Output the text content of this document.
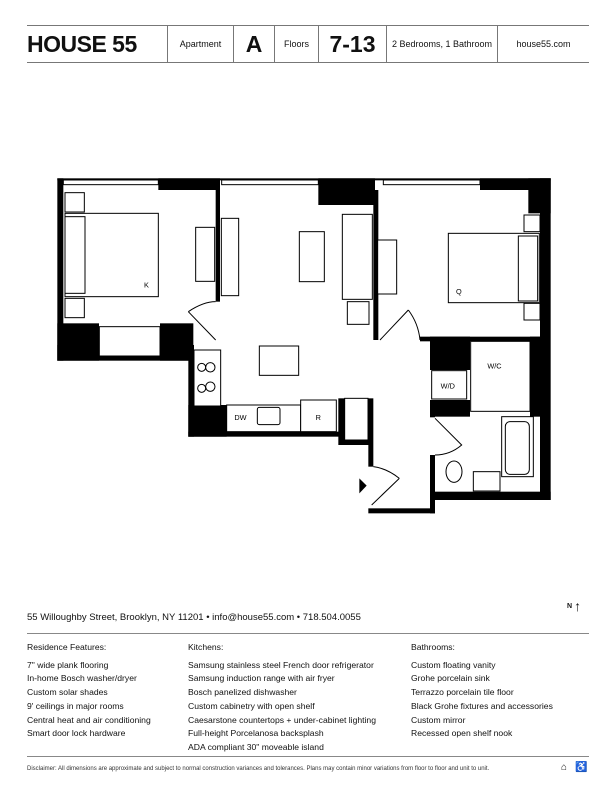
HOUSE 55	Apartment	A	Floors 7-13	2 Bedrooms, 1 Bathroom	house55.com
K
Q
W/C
W/D
DW	R
55 Willoughby Street, Brooklyn, NY 11201 • info@house55.com • 718.504.0055
N ↑
Residence Features:
7" wide plank flooring
In-home Bosch washer/dryer
Custom solar shades
9' ceilings in major rooms
Central heat and air conditioning
Smart door lock hardware
Kitchens:
Samsung stainless steel French door refrigerator
Samsung induction range with air fryer
Bosch panelized dishwasher
Custom cabinetry with open shelf
Caesarstone countertops + under-cabinet lighting
Full-height Porcelanosa backsplash
ADA compliant 30" moveable island
Bathrooms:
Custom floating vanity
Grohe porcelain sink
Terrazzo porcelain tile floor
Black Grohe fixtures and accessories
Custom mirror
Recessed open shelf nook
Disclaimer: All dimensions are approximate and subject to normal construction variances and tolerances. Plans may contain minor variations from floor to floor and unit to unit.	⌂ ♿
